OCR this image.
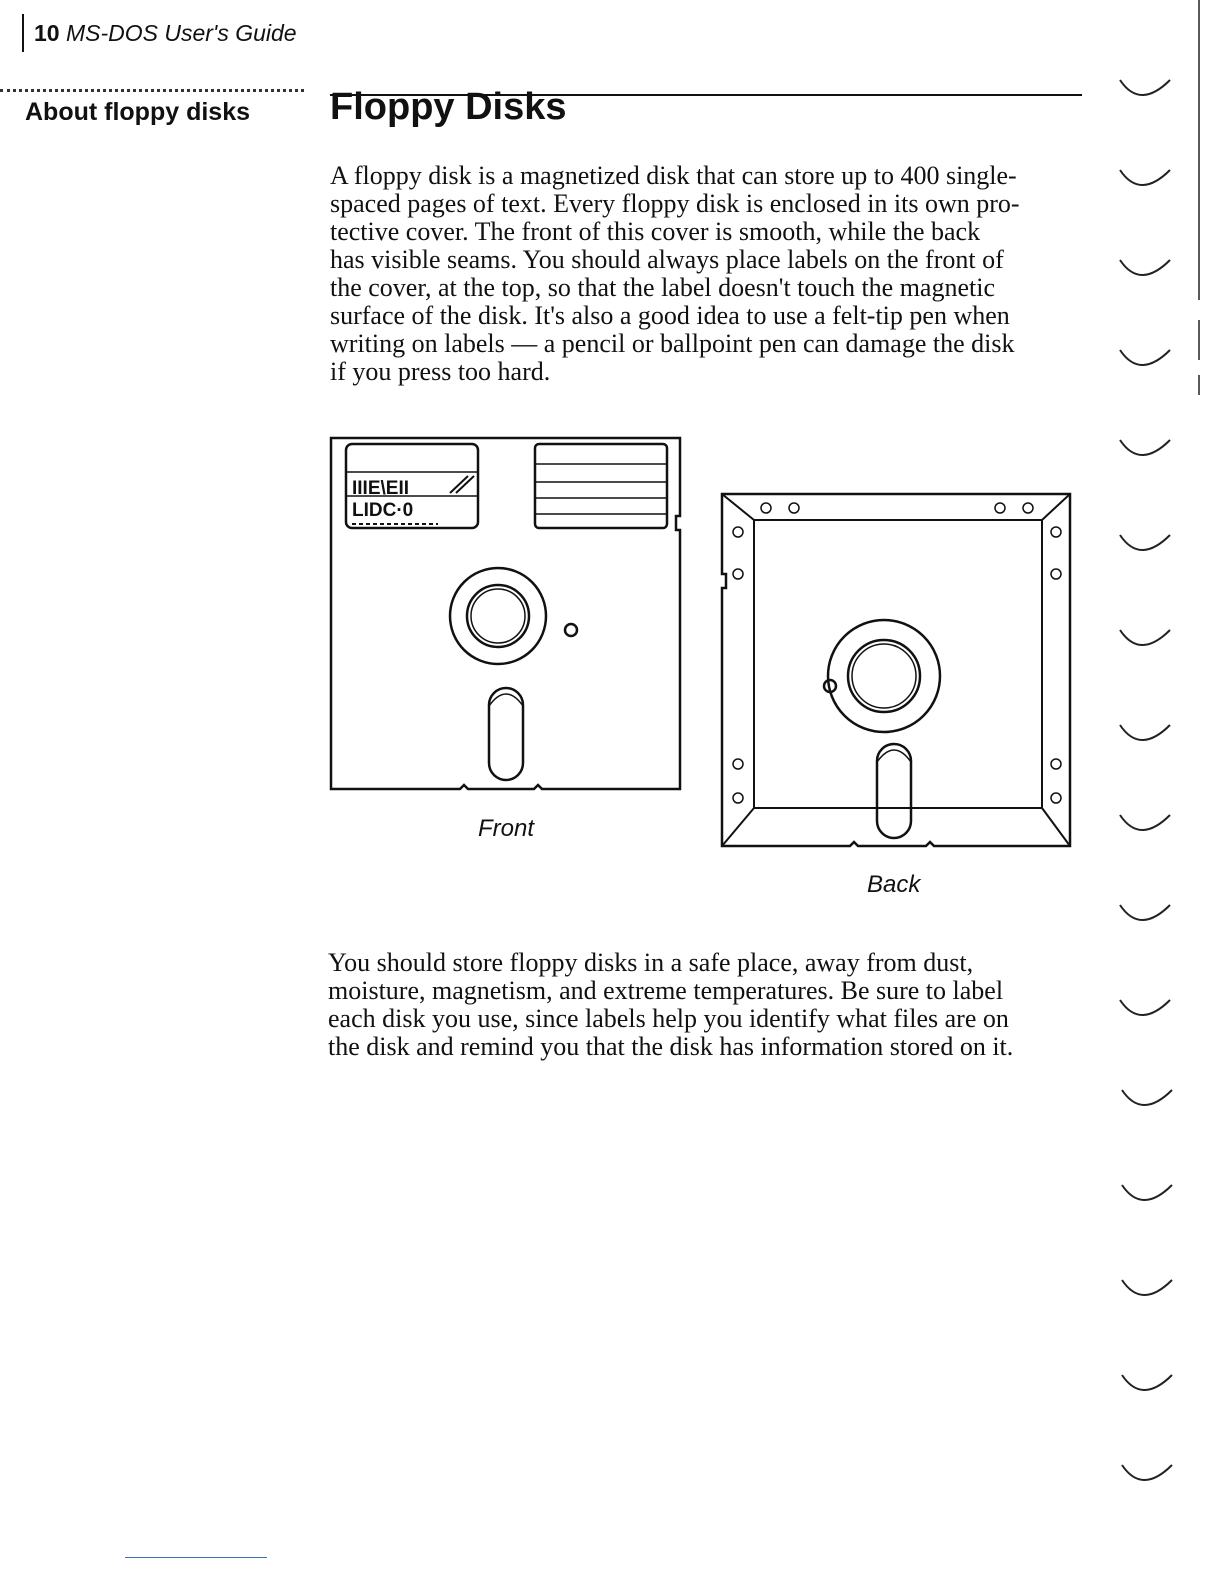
10 MS-DOS User's Guide
About floppy disks Floppy Disks
A floppy disk is a magnetized disk that can store up to 400 single-
spaced pages of text. Every floppy disk is enclosed in its own pro-
tective cover. The front of this cover is smooth, while the back
has visible seams. You should always place labels on the front of
the cover, at the top, so that the label doesn't touch the magnetic
surface of the disk. It's also a good idea to use a felt-tip pen when
writing on labels — a pencil or ballpoint pen can damage the disk
if you press too hard.
IIIE\EII
LIDC·0
Front
Back
You should store floppy disks in a safe place, away from dust,
moisture, magnetism, and extreme temperatures. Be sure to label
each disk you use, since labels help you identify what files are on
the disk and remind you that the disk has information stored on it.
